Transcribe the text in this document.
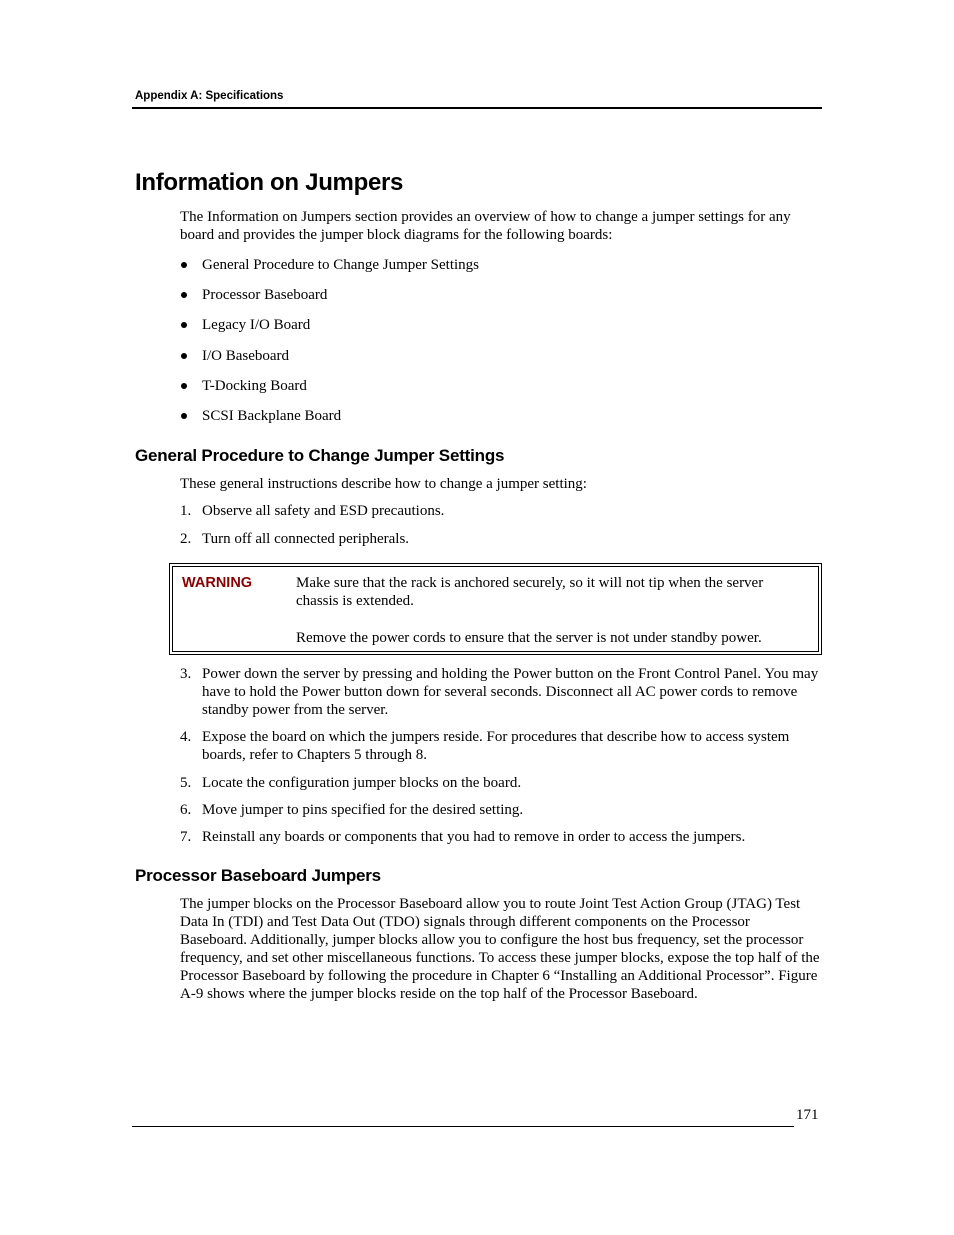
Appendix A: Specifications
Information on Jumpers

The Information on Jumpers section provides an overview of how to change a jumper settings for any board and provides the jumper block diagrams for the following boards:

General Procedure to Change Jumper Settings
Processor Baseboard
Legacy I/O Board
I/O Baseboard
T-Docking Board
SCSI Backplane Board
General Procedure to Change Jumper Settings

These general instructions describe how to change a jumper setting:

1. Observe all safety and ESD precautions.
2. Turn off all connected peripherals.
WARNING	Make sure that the rack is anchored securely, so it will not tip when the server chassis is extended.
Remove the power cords to ensure that the server is not under standby power.
3. Power down the server by pressing and holding the Power button on the Front Control Panel. You may have to hold the Power button down for several seconds. Disconnect all AC power cords to remove standby power from the server.
4. Expose the board on which the jumpers reside. For procedures that describe how to access system boards, refer to Chapters 5 through 8.
5. Locate the configuration jumper blocks on the board.
6. Move jumper to pins specified for the desired setting.
7. Reinstall any boards or components that you had to remove in order to access the jumpers.
Processor Baseboard Jumpers

The jumper blocks on the Processor Baseboard allow you to route Joint Test Action Group (JTAG) Test Data In (TDI) and Test Data Out (TDO) signals through different components on the Processor Baseboard. Additionally, jumper blocks allow you to configure the host bus frequency, set the processor frequency, and set other miscellaneous functions. To access these jumper blocks, expose the top half of the Processor Baseboard by following the procedure in Chapter 6 “Installing an Additional Processor”. Figure A-9 shows where the jumper blocks reside on the top half of the Processor Baseboard.

171
